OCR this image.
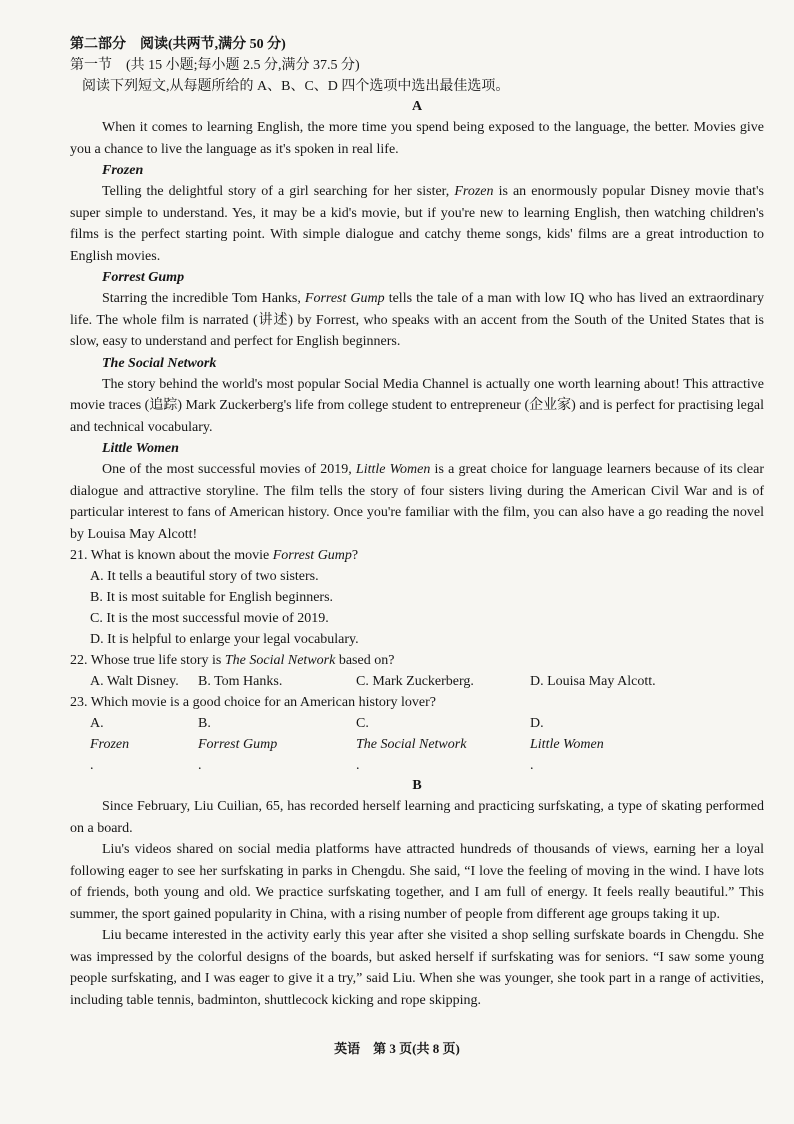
第二部分　阅读(共两节,满分 50 分)
第一节　(共 15 小题;每小题 2.5 分,满分 37.5 分)
阅读下列短文,从每题所给的 A、B、C、D 四个选项中选出最佳选项。
A

When it comes to learning English, the more time you spend being exposed to the language, the better. Movies give you a chance to live the language as it's spoken in real life.

Frozen

Telling the delightful story of a girl searching for her sister, Frozen is an enormously popular Disney movie that's super simple to understand. Yes, it may be a kid's movie, but if you're new to learning English, then watching children's films is the perfect starting point. With simple dialogue and catchy theme songs, kids' films are a great introduction to English movies.

Forrest Gump

Starring the incredible Tom Hanks, Forrest Gump tells the tale of a man with low IQ who has lived an extraordinary life. The whole film is narrated (讲述) by Forrest, who speaks with an accent from the South of the United States that is slow, easy to understand and perfect for English beginners.

The Social Network

The story behind the world's most popular Social Media Channel is actually one worth learning about! This attractive movie traces (追踪) Mark Zuckerberg's life from college student to entrepreneur (企业家) and is perfect for practising legal and technical vocabulary.

Little Women

One of the most successful movies of 2019, Little Women is a great choice for language learners because of its clear dialogue and attractive storyline. The film tells the story of four sisters living during the American Civil War and is of particular interest to fans of American history. Once you're familiar with the film, you can also have a go reading the novel by Louisa May Alcott!

21. What is known about the movie Forrest Gump?
A. It tells a beautiful story of two sisters.
B. It is most suitable for English beginners.
C. It is the most successful movie of 2019.
D. It is helpful to enlarge your legal vocabulary.
22. Whose true life story is The Social Network based on?
A. Walt Disney.	B. Tom Hanks.	C. Mark Zuckerberg.	D. Louisa May Alcott.
23. Which movie is a good choice for an American history lover?
A.
Frozen
.
B.
Forrest Gump
.
C.
The Social Network
.
D.
Little Women
.
B

Since February, Liu Cuilian, 65, has recorded herself learning and practicing surfskating, a type of skating performed on a board.

Liu's videos shared on social media platforms have attracted hundreds of thousands of views, earning her a loyal following eager to see her surfskating in parks in Chengdu. She said, “I love the feeling of moving in the wind. I have lots of friends, both young and old. We practice surfskating together, and I am full of energy. It feels really beautiful.” This summer, the sport gained popularity in China, with a rising number of people from different age groups taking it up.

Liu became interested in the activity early this year after she visited a shop selling surfskate boards in Chengdu. She was impressed by the colorful designs of the boards, but asked herself if surfskating was for seniors. “I saw some young people surfskating, and I was eager to give it a try,” said Liu. When she was younger, she took part in a range of activities, including table tennis, badminton, shuttlecock kicking and rope skipping.

英语　第 3 页(共 8 页)
